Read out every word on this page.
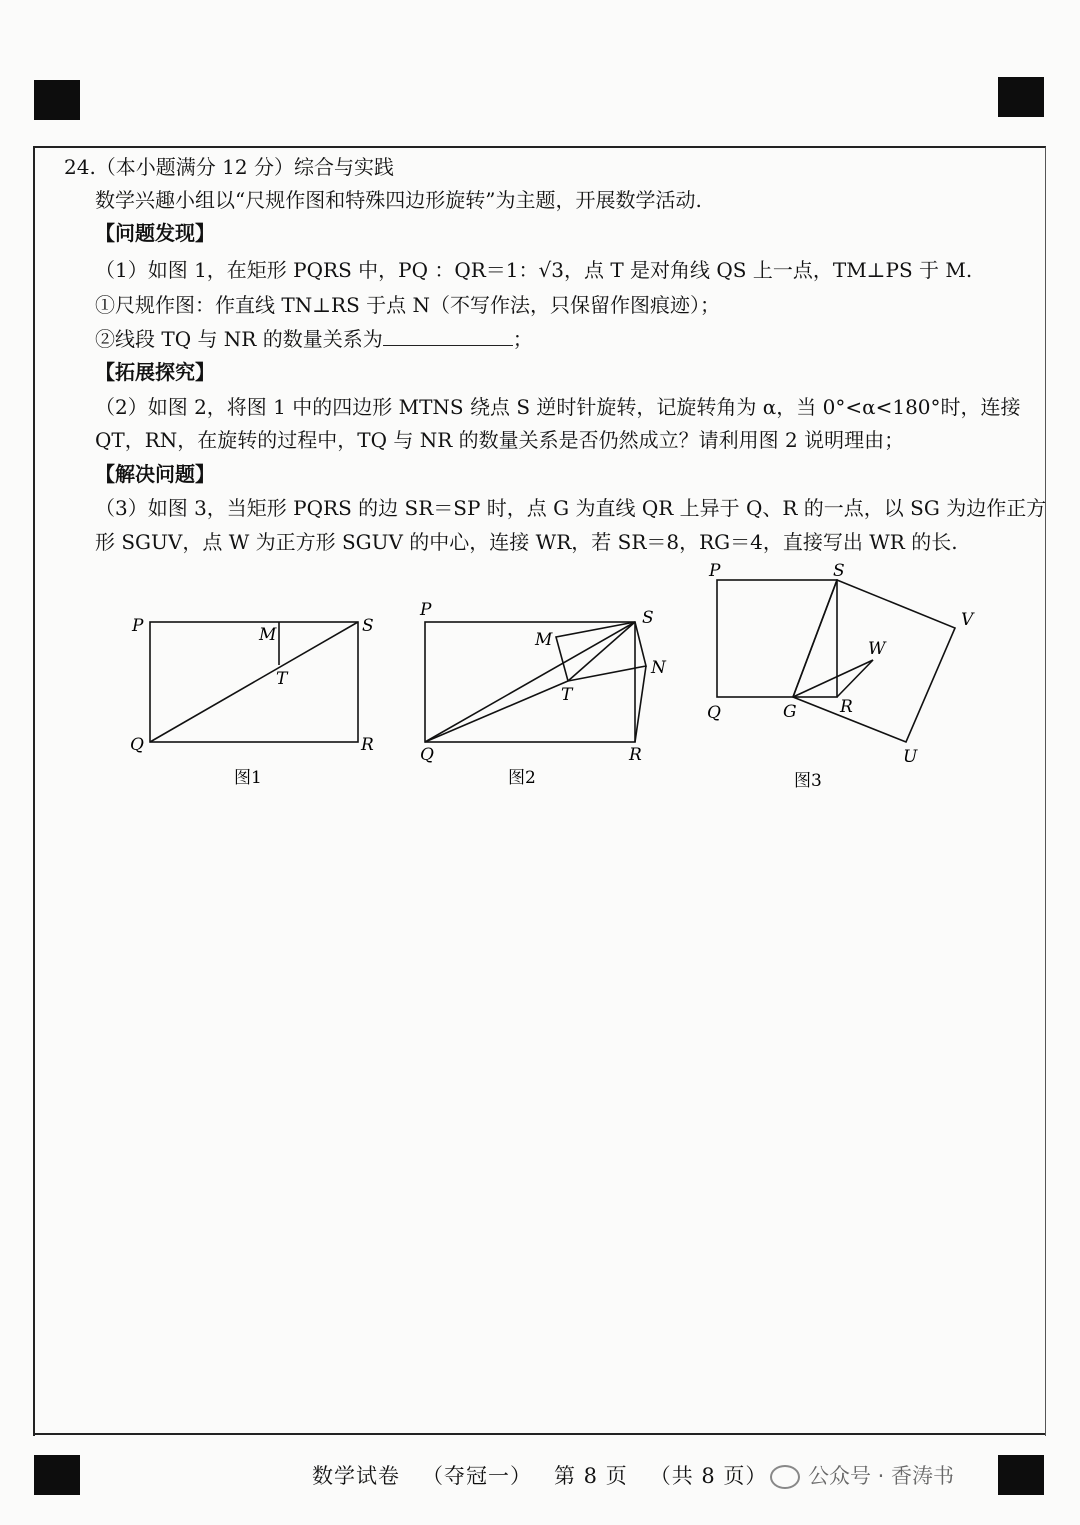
24.（本小题满分 12 分）综合与实践
数学兴趣小组以“尺规作图和特殊四边形旋转”为主题，开展数学活动.
【问题发现】
（1）如图 1，在矩形 PQRS 中，PQ ：QR＝1：√3，点 T 是对角线 QS 上一点，TM⊥PS 于 M.
①尺规作图：作直线 TN⊥RS 于点 N（不写作法，只保留作图痕迹）；
②线段 TQ 与 NR 的数量关系为	；
【拓展探究】
（2）如图 2，将图 1 中的四边形 MTNS 绕点 S 逆时针旋转，记旋转角为 α，当 0°<α<180°时，连接
QT，RN，在旋转的过程中，TQ 与 NR 的数量关系是否仍然成立？请利用图 2 说明理由；
【解决问题】
（3）如图 3，当矩形 PQRS 的边 SR＝SP 时，点 G 为直线 QR 上异于 Q、R 的一点，以 SG 为边作正方
形 SGUV，点 W 为正方形 SGUV 的中心，连接 WR，若 SR＝8，RG＝4，直接写出 WR 的长.
P	S
M
T
Q	R
图1
P	S
M
N
T
Q	R
图2
P	S
V
W
Q	G	R
U
图3
数学试卷 （夺冠一） 第 8 页 （共 8 页）	公众号 · 香涛书
